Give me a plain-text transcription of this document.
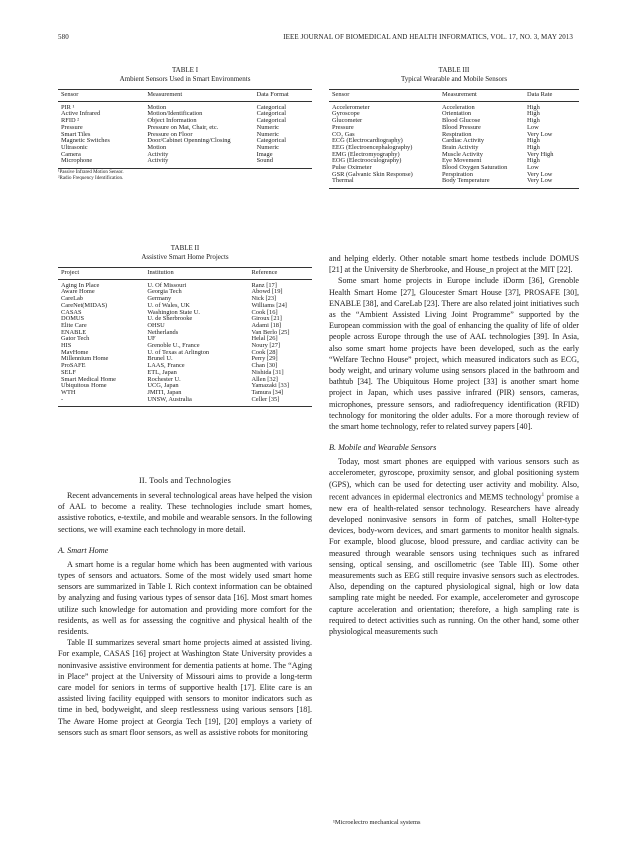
580	IEEE JOURNAL OF BIOMEDICAL AND HEALTH INFORMATICS, VOL. 17, NO. 3, MAY 2013
TABLE I
Ambient Sensors Used in Smart Environments
Sensor	Measurement	Data Format
PIR ¹	Motion	Categorical
Active Infrared	Motion/Identification	Categorical
RFID ²	Object Information	Categorical
Pressure	Pressure on Mat, Chair, etc.	Numeric
Smart Tiles	Pressure on Floor	Numeric
Magnetic Switches	Door/Cabinet Openning/Closing	Categorical
Ultrasonic	Motion	Numeric
Camera	Activity	Image
Microphone	Activity	Sound
¹Passive Infrared Motion Sensor.
²Radio Frequency Identification.
TABLE II
Assistive Smart Home Projects
Project	Institution	Reference
Aging In Place	U. Of Missouri	Ranz [17]
Aware Home	Georgia Tech	Abowd [19]
CareLab	Germany	Nick [23]
CareNet(MIDAS)	U. of Wales, UK	Williams [24]
CASAS	Washington State U.	Cook [16]
DOMUS	U. de Sherbrooke	Giroux [21]
Elite Care	OHSU	Adami [18]
ENABLE	Netherlands	Van Berlo [25]
Gator Tech	UF	Helal [26]
HIS	Grenoble U., France	Noury [27]
MavHome	U. of Texas at Arlington	Cook [28]
Millennium Home	Brunel U.	Perry [29]
ProSAFE	LAAS, France	Chan [30]
SELF	ETL, Japan	Nishida [31]
Smart Medical Home	Rochester U.	Allen [32]
Ubiquitous Home	UCG, Japan	Yamazaki [33]
WTH	JMITI, Japan	Tamura [34]
-	UNSW, Australia	Celler [35]
TABLE III
Typical Wearable and Mobile Sensors
Sensor	Measurement	Data Rate
Accelerometer	Acceleration	High
Gyroscope	Orientation	High
Glucometer	Blood Glucose	High
Pressure	Blood Pressure	Low
CO₂ Gas	Respiration	Very Low
ECG (Electrocardiography)	Cardiac Activity	High
EEG (Electroencephalography)	Brain Activity	High
EMG (Electromyography)	Muscle Activity	Very High
EOG (Electrooculography)	Eye Movement	High
Pulse Oximeter	Blood Oxygen Saturation	Low
GSR (Galvanic Skin Response)	Perspiration	Very Low
Thermal	Body Temperature	Very Low
II. Tools and Technologies

Recent advancements in several technological areas have helped the vision of AAL to become a reality. These technologies include smart homes, assistive robotics, e-textile, and mobile and wearable sensors. In the following sections, we will examine each technology in more detail.

A. Smart Home

A smart home is a regular home which has been augmented with various types of sensors and actuators. Some of the most widely used smart home sensors are summarized in Table I. Rich context information can be obtained by analyzing and fusing various types of sensor data [16]. Most smart homes utilize such knowledge for automation and providing more comfort for the residents, as well as for assessing the cognitive and physical health of the residents.

Table II summarizes several smart home projects aimed at assisted living. For example, CASAS [16] project at Washington State University provides a noninvasive assistive environment for dementia patients at home. The “Aging in Place” project at the University of Missouri aims to provide a long-term care model for seniors in terms of supportive health [17]. Elite care is an assisted living facility equipped with sensors to monitor indicators such as time in bed, bodyweight, and sleep restlessness using various sensors [18]. The Aware Home project at Georgia Tech [19], [20] employs a variety of sensors such as smart floor sensors, as well as assistive robots for monitoring

and helping elderly. Other notable smart home testbeds include DOMUS [21] at the University de Sherbrooke, and House_n project at the MIT [22].

Some smart home projects in Europe include iDorm [36], Grenoble Health Smart Home [27], Gloucester Smart House [37], PROSAFE [30], ENABLE [38], and CareLab [23]. There are also related joint initiatives such as the “Ambient Assisted Living Joint Programme” supported by the European commission with the goal of enhancing the quality of life of older people across Europe through the use of AAL technologies [39]. In Asia, also some smart home projects have been developed, such as the early “Welfare Techno House” project, which measured indicators such as ECG, body weight, and urinary volume using sensors placed in the bathroom and bathtub [34]. The Ubiquitous Home project [33] is another smart home project in Japan, which uses passive infrared (PIR) sensors, cameras, microphones, pressure sensors, and radiofrequency identification (RFID) technology for monitoring the older adults. For a more thorough review of the smart home technology, refer to related survey papers [40].

B. Mobile and Wearable Sensors

Today, most smart phones are equipped with various sensors such as accelerometer, gyroscope, proximity sensor, and global positioning system (GPS), which can be used for detecting user activity and mobility. Also, recent advances in epidermal electronics and MEMS technology$^1$ promise a new era of health-related sensor technology. Researchers have already developed noninvasive sensors in form of patches, small Holter-type devices, body-worn devices, and smart garments to monitor health signals. For example, blood glucose, blood pressure, and cardiac activity can be measured through wearable sensors using techniques such as infrared sensing, optical sensing, and oscillometric (see Table III). Some other measurements such as EEG still require invasive sensors such as electrodes. Also, depending on the captured physiological signal, high or low data sampling rate might be needed. For example, accelerometer and gyroscope capture acceleration and orientation; therefore, a high sampling rate is required to detect activities such as running. On the other hand, some other physiological measurements such

¹Microelectro mechanical systems
